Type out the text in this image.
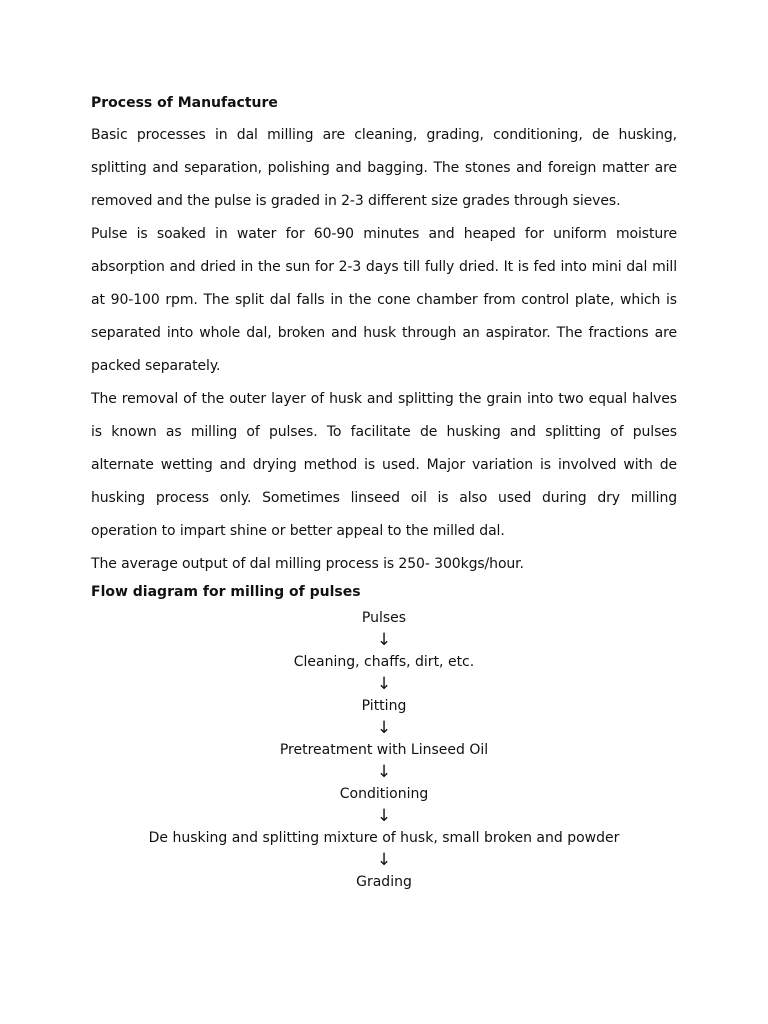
Process of Manufacture

Basic processes in dal milling are cleaning, grading, conditioning, de husking, splitting and separation, polishing and bagging. The stones and foreign matter are removed and the pulse is graded in 2-3 different size grades through sieves.

Pulse is soaked in water for 60-90 minutes and heaped for uniform moisture absorption and dried in the sun for 2-3 days till fully dried. It is fed into mini dal mill at 90-100 rpm. The split dal falls in the cone chamber from control plate, which is separated into whole dal, broken and husk through an aspirator. The fractions are packed separately.

The removal of the outer layer of husk and splitting the grain into two equal halves is known as milling of pulses. To facilitate de husking and splitting of pulses alternate wetting and drying method is used. Major variation is involved with de husking process only. Sometimes linseed oil is also used during dry milling operation to impart shine or better appeal to the milled dal.

The average output of dal milling process is 250- 300kgs/hour.

Flow diagram for milling of pulses
Pulses
↓
Cleaning, chaffs, dirt, etc.
↓
Pitting
↓
Pretreatment with Linseed Oil
↓
Conditioning
↓
De husking and splitting mixture of husk, small broken and powder
↓
Grading
